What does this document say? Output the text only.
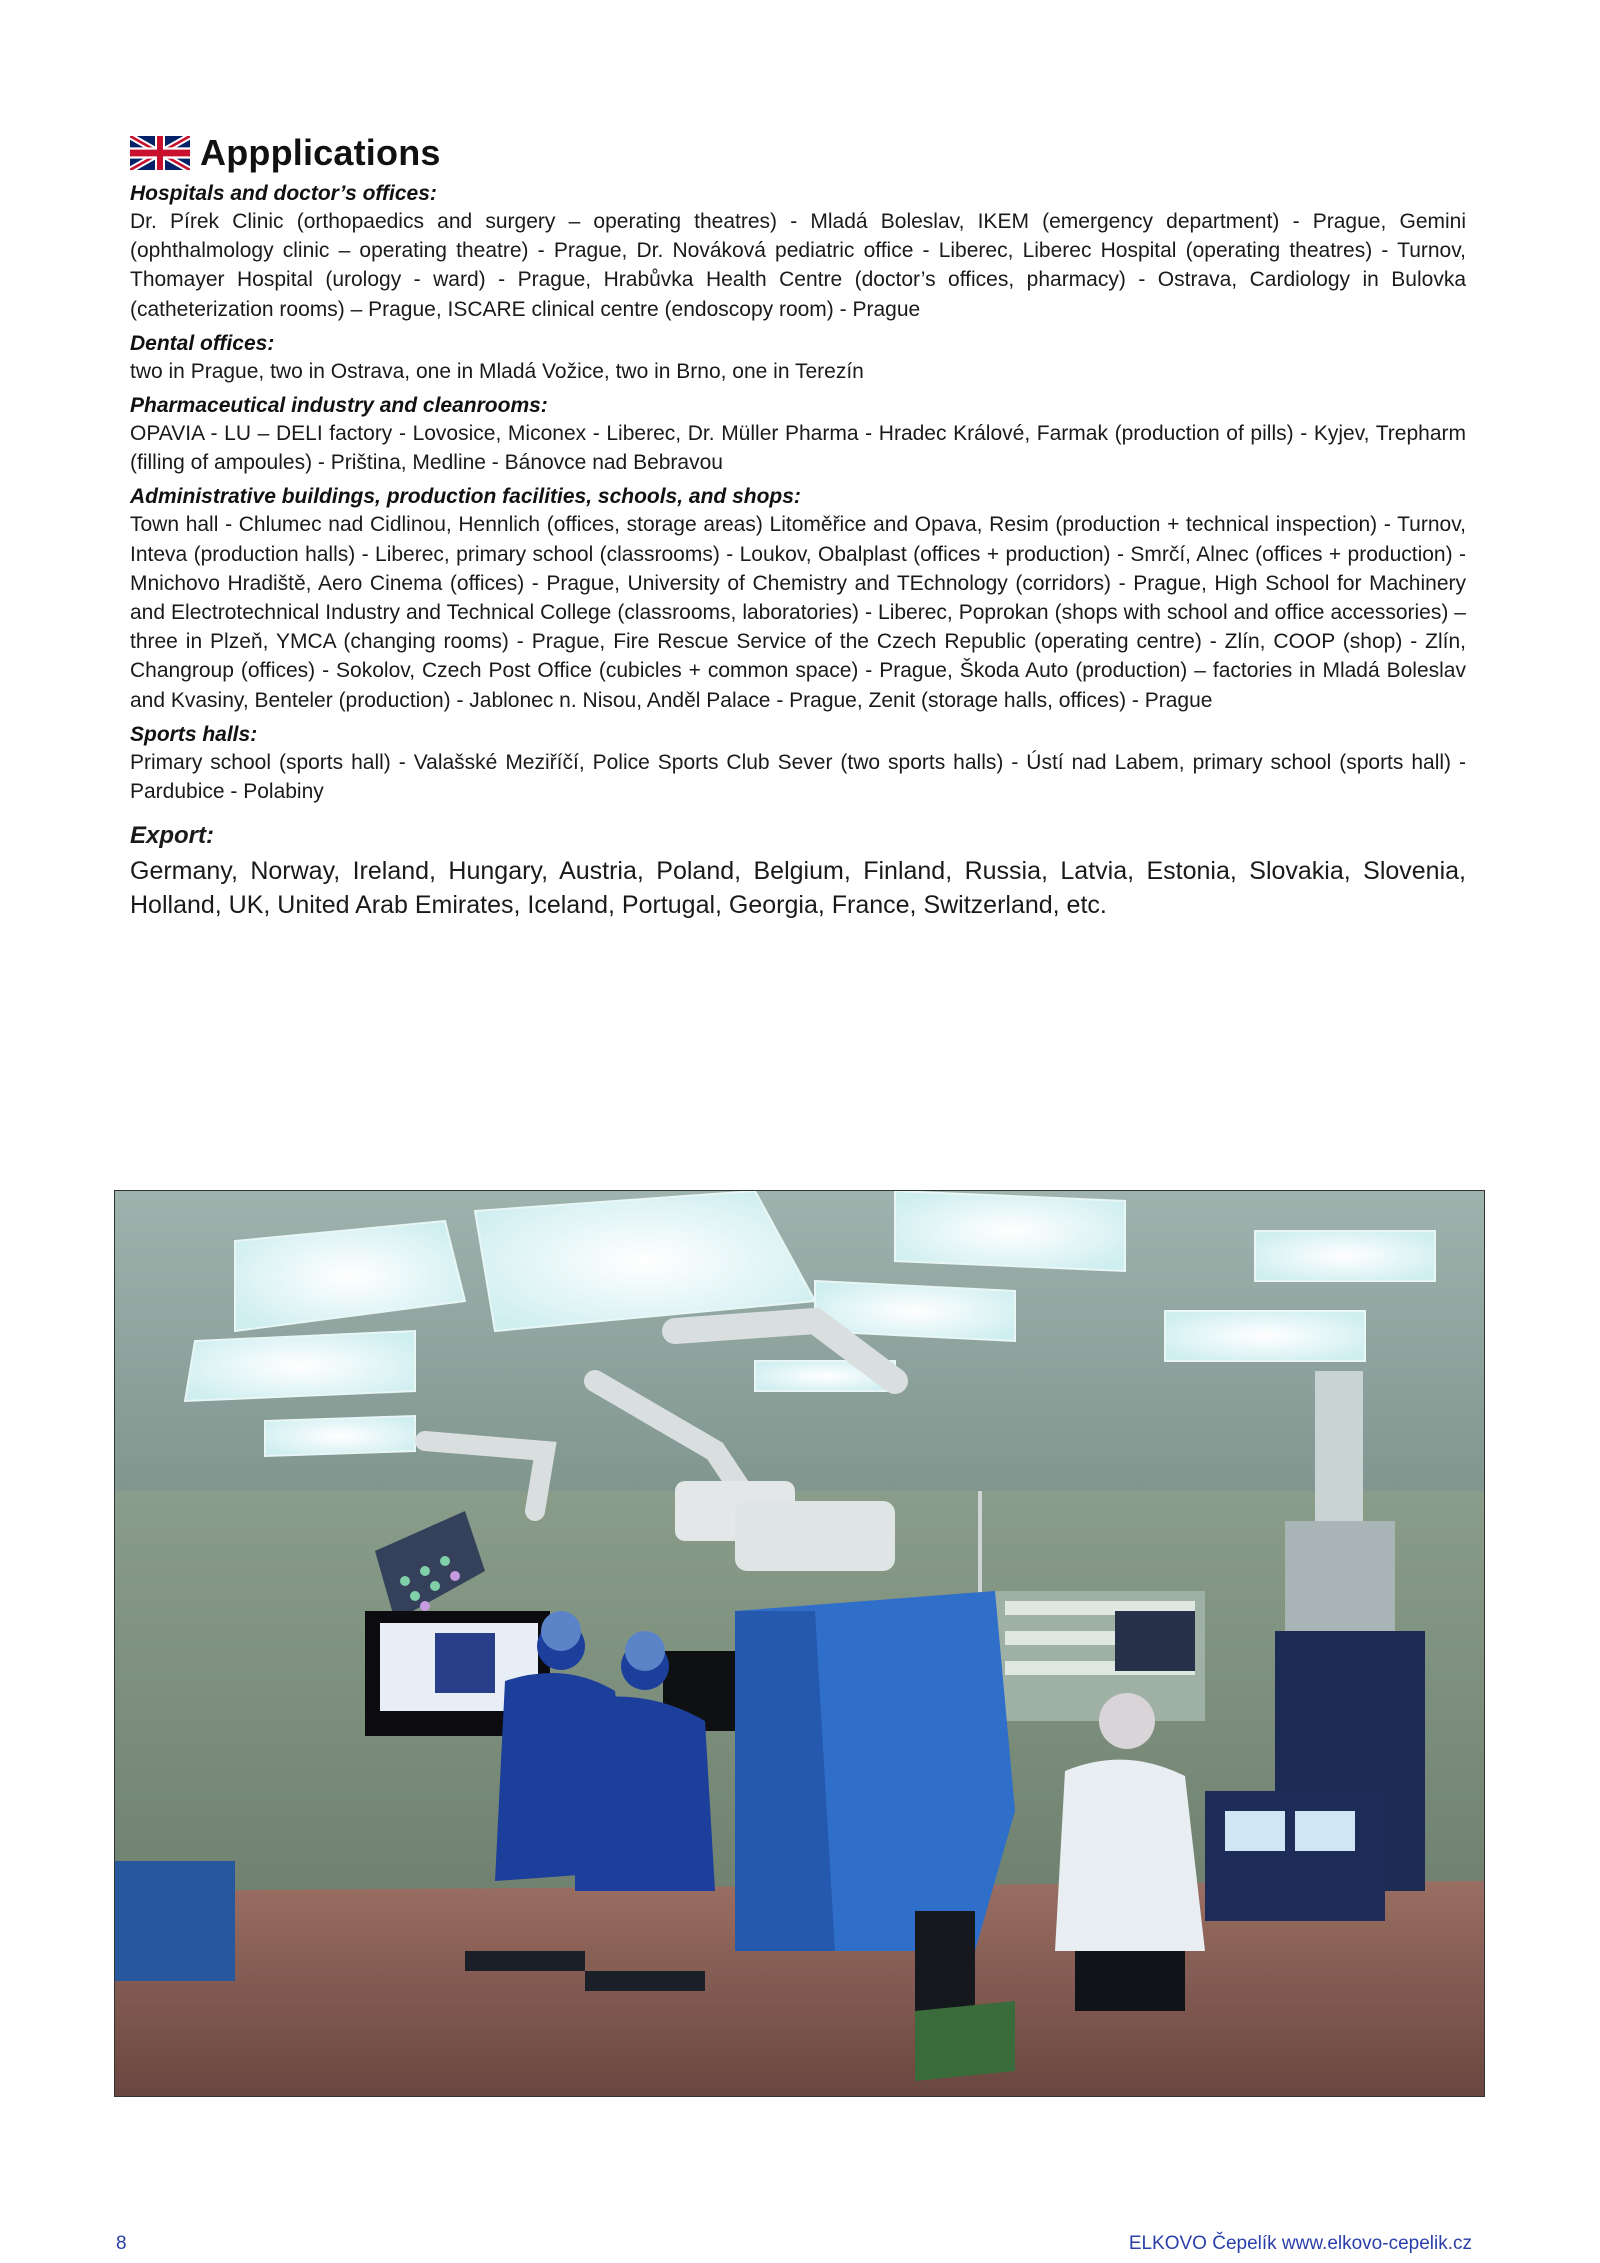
Appplications
Hospitals and doctor’s offices:

Dr. Pírek Clinic (orthopaedics and surgery – operating theatres) - Mladá Boleslav, IKEM (emergency department) - Prague, Gemini (ophthalmology clinic – operating theatre) - Prague, Dr. Nováková pediatric office - Liberec, Liberec Hospital (operating theatres) - Turnov, Thomayer Hospital (urology - ward) - Prague, Hrabůvka Health Centre (doctor’s offices, pharmacy) - Ostrava, Cardiology in Bulovka (catheterization rooms) – Prague, ISCARE clinical centre (endoscopy room) - Prague

Dental offices:

two in Prague, two in Ostrava, one in Mladá Vožice, two in Brno, one in Terezín

Pharmaceutical industry and cleanrooms:

OPAVIA - LU – DELI factory - Lovosice, Miconex - Liberec, Dr. Müller Pharma - Hradec Králové, Farmak (production of pills) - Kyjev, Trepharm (filling of ampoules) - Priština, Medline - Bánovce nad Bebravou

Administrative buildings, production facilities, schools, and shops:

Town hall - Chlumec nad Cidlinou, Hennlich (offices, storage areas) Litoměřice and Opava, Resim (production + technical inspection) - Turnov, Inteva (production halls) - Liberec, primary school (classrooms) - Loukov, Obalplast (offices + production) - Smrčí, Alnec (offices + production) - Mnichovo Hradiště, Aero Cinema (offices) - Prague, University of Chemistry and TEchnology (corridors) - Prague, High School for Machinery and Electrotechnical Industry and Technical College (classrooms, laboratories) - Liberec, Poprokan (shops with school and office accessories) – three in Plzeň, YMCA (changing rooms) - Prague, Fire Rescue Service of the Czech Republic (operating centre) - Zlín, COOP (shop) - Zlín, Changroup (offices) - Sokolov, Czech Post Office (cubicles + common space) - Prague, Škoda Auto (production) – factories in Mladá Boleslav and Kvasiny, Benteler (production) - Jablonec n. Nisou, Anděl Palace - Prague, Zenit (storage halls, offices) - Prague

Sports halls:

Primary school (sports hall) - Valašské Meziříčí, Police Sports Club Sever (two sports halls) - Ústí nad Labem, primary school (sports hall) - Pardubice - Polabiny

Export:

Germany, Norway, Ireland, Hungary, Austria, Poland, Belgium, Finland, Russia, Latvia, Estonia, Slovakia, Slovenia, Holland, UK, United Arab Emirates, Iceland, Portugal, Georgia, France, Switzerland, etc.

8	ELKOVO Čepelík www.elkovo-cepelik.cz
